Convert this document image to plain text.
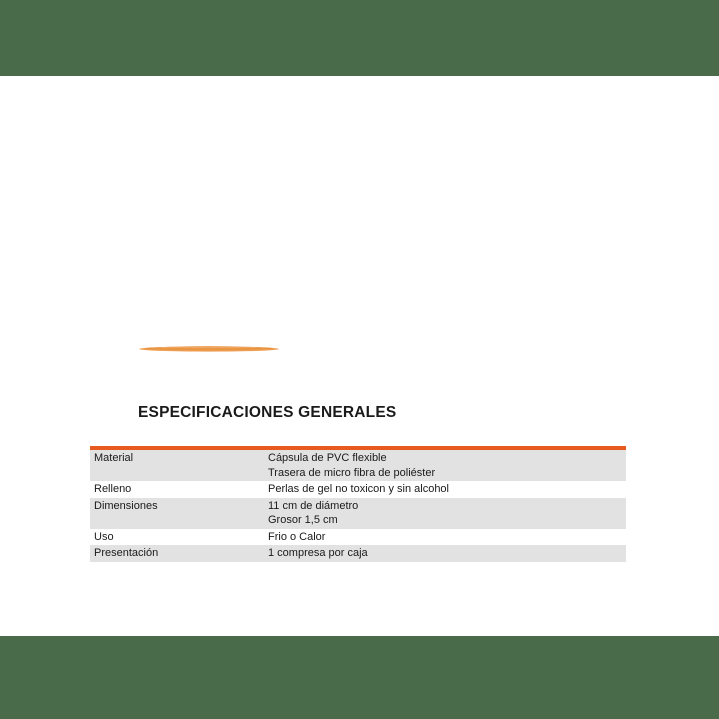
ESPECIFICACIONES GENERALES
Material	Cápsula de PVC flexible
Trasera de micro fibra de poliéster

Relleno	Perlas de gel no toxicon y sin alcohol

Dimensiones	11 cm de diámetro
Grosor 1,5 cm

Uso	Frio o Calor

Presentación	1 compresa por caja
